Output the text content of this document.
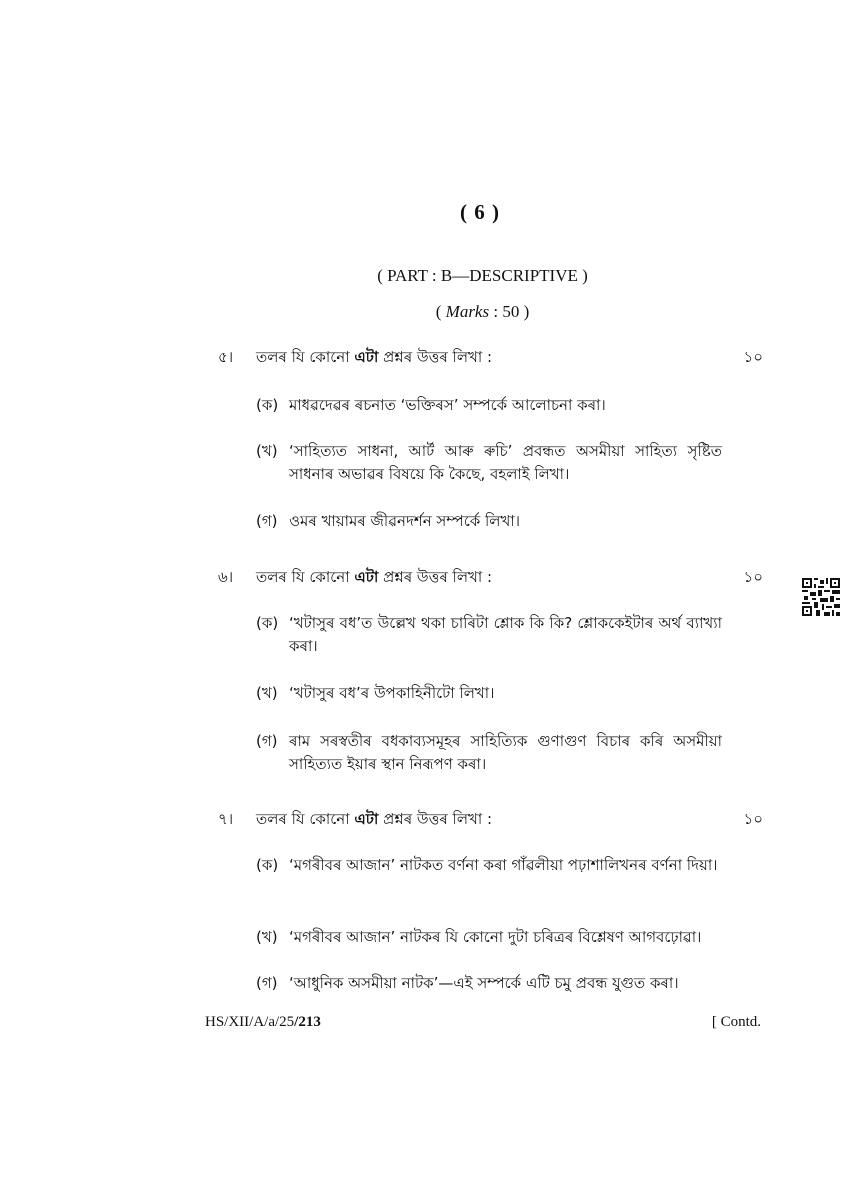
( 6 )
( PART : B—DESCRIPTIVE )
( Marks : 50 )
৫। তলৰ যি কোনো এটা প্ৰশ্নৰ উত্তৰ লিখা :	১০
(ক) মাধৱদেৱৰ ৰচনাত ‘ভক্তিৰস’ সম্পৰ্কে আলোচনা কৰা।
(খ) ‘সাহিত্যত সাধনা, আৰ্ট আৰু ৰুচি’ প্ৰবন্ধত অসমীয়া সাহিত্য সৃষ্টিত সাধনাৰ অভাৱৰ বিষয়ে কি কৈছে, বহলাই লিখা।
(গ) ওমৰ খায়ামৰ জীৱনদৰ্শন সম্পৰ্কে লিখা।
৬। তলৰ যি কোনো এটা প্ৰশ্নৰ উত্তৰ লিখা :	১০
(ক) ‘খটাসুৰ বধ’ত উল্লেখ থকা চাৰিটা শ্লোক কি কি? শ্লোককেইটাৰ অৰ্থ ব্যাখ্যা কৰা।
(খ) ‘খটাসুৰ বধ’ৰ উপকাহিনীটো লিখা।
(গ) ৰাম সৰস্বতীৰ বধকাব্যসমূহৰ সাহিত্যিক গুণাগুণ বিচাৰ কৰি অসমীয়া সাহিত্যত ইয়াৰ স্থান নিৰূপণ কৰা।
৭। তলৰ যি কোনো এটা প্ৰশ্নৰ উত্তৰ লিখা :	১০
(ক) ‘মগৰীবৰ আজান’ নাটকত বৰ্ণনা কৰা গাঁৱলীয়া পঢ়াশালিখনৰ বৰ্ণনা দিয়া।
(খ) ‘মগৰীবৰ আজান’ নাটকৰ যি কোনো দুটা চৰিত্ৰৰ বিশ্লেষণ আগবঢ়োৱা।
(গ) ‘আধুনিক অসমীয়া নাটক’—এই সম্পৰ্কে এটি চমু প্ৰবন্ধ যুগুত কৰা।
HS/XII/A/a/25/213	[ Contd.
